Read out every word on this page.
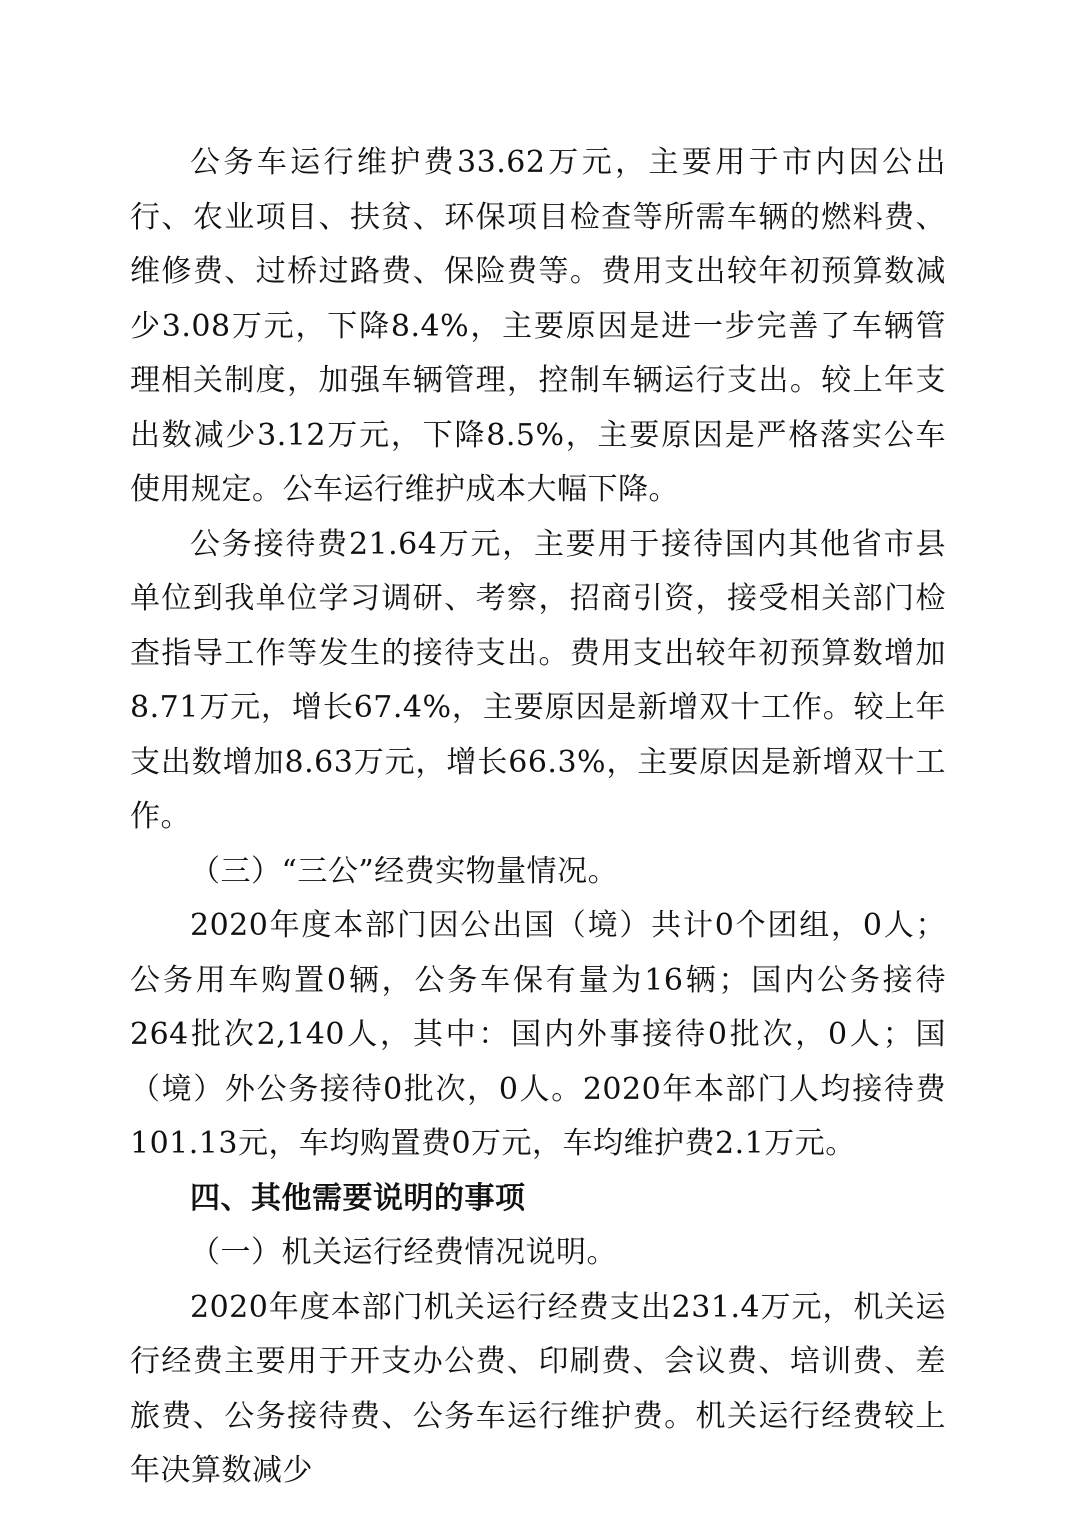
公务车运行维护费33.62万元，主要用于市内因公出行、农业项目、扶贫、环保项目检查等所需车辆的燃料费、维修费、过桥过路费、保险费等。费用支出较年初预算数减少3.08万元，下降8.4%，主要原因是进一步完善了车辆管理相关制度，加强车辆管理，控制车辆运行支出。较上年支出数减少3.12万元，下降8.5%，主要原因是严格落实公车使用规定。公车运行维护成本大幅下降。

公务接待费21.64万元，主要用于接待国内其他省市县单位到我单位学习调研、考察，招商引资，接受相关部门检查指导工作等发生的接待支出。费用支出较年初预算数增加8.71万元，增长67.4%，主要原因是新增双十工作。较上年支出数增加8.63万元，增长66.3%，主要原因是新增双十工作。

（三）“三公”经费实物量情况。

2020年度本部门因公出国（境）共计0个团组，0人；公务用车购置0辆，公务车保有量为16辆；国内公务接待264批次2,140人，其中：国内外事接待0批次，0人；国（境）外公务接待0批次，0人。2020年本部门人均接待费101.13元，车均购置费0万元，车均维护费2.1万元。

四、其他需要说明的事项

（一）机关运行经费情况说明。

2020年度本部门机关运行经费支出231.4万元，机关运行经费主要用于开支办公费、印刷费、会议费、培训费、差旅费、公务接待费、公务车运行维护费。机关运行经费较上年决算数减少
